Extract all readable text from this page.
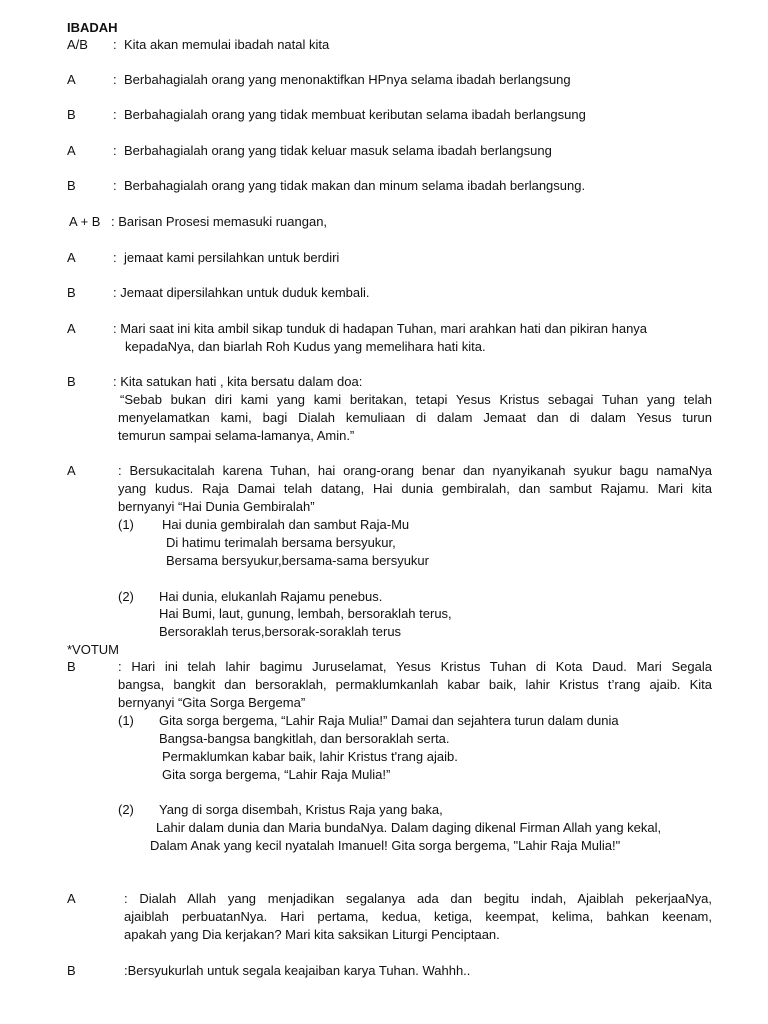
IBADAH
A/B : Kita akan memulai ibadah natal kita
A	: Berbahagialah orang yang menonaktifkan HPnya selama ibadah berlangsung
B	: Berbahagialah orang yang tidak membuat keributan selama ibadah berlangsung
A	: Berbahagialah orang yang tidak keluar masuk selama ibadah berlangsung
B	: Berbahagialah orang yang tidak makan dan minum selama ibadah berlangsung.
A + B : Barisan Prosesi memasuki ruangan,
A	: jemaat kami persilahkan untuk berdiri
B	: Jemaat dipersilahkan untuk duduk kembali.
A	: Mari saat ini kita ambil sikap tunduk di hadapan Tuhan, mari arahkan hati dan pikiran hanya
kepadaNya, dan biarlah Roh Kudus yang memelihara hati kita.
B	: Kita satukan hati , kita bersatu dalam doa:
“Sebab bukan diri kami yang kami beritakan, tetapi Yesus Kristus sebagai Tuhan yang telah
menyelamatkan kami, bagi Dialah kemuliaan di dalam Jemaat dan di dalam Yesus turun
temurun sampai selama-lamanya, Amin.”
A	: Bersukacitalah karena Tuhan, hai orang-orang benar dan nyanyikanah syukur bagu namaNya
yang kudus. Raja Damai telah datang, Hai dunia gembiralah, dan sambut Rajamu. Mari kita
bernyanyi “Hai Dunia Gembiralah”
(1) Hai dunia gembiralah dan sambut Raja-Mu
Di hatimu terimalah bersama bersyukur,
Bersama bersyukur,bersama-sama bersyukur
(2) Hai dunia, elukanlah Rajamu penebus.
Hai Bumi, laut, gunung, lembah, bersoraklah terus,
Bersoraklah terus,bersorak-soraklah terus
*VOTUM
B	: Hari ini telah lahir bagimu Juruselamat, Yesus Kristus Tuhan di Kota Daud. Mari Segala
bangsa, bangkit dan bersoraklah, permaklumkanlah kabar baik, lahir Kristus t’rang ajaib. Kita
bernyanyi “Gita Sorga Bergema”
(1) Gita sorga bergema, “Lahir Raja Mulia!” Damai dan sejahtera turun dalam dunia
Bangsa-bangsa bangkitlah, dan bersoraklah serta.
Permaklumkan kabar baik, lahir Kristus t'rang ajaib.
Gita sorga bergema, “Lahir Raja Mulia!”
(2) Yang di sorga disembah, Kristus Raja yang baka,
Lahir dalam dunia dan Maria bundaNya. Dalam daging dikenal Firman Allah yang kekal,
Dalam Anak yang kecil nyatalah Imanuel! Gita sorga bergema, "Lahir Raja Mulia!"
A	: Dialah Allah yang menjadikan segalanya ada dan begitu indah, Ajaiblah pekerjaaNya,
ajaiblah perbuatanNya. Hari pertama, kedua, ketiga, keempat, kelima, bahkan keenam,
apakah yang Dia kerjakan? Mari kita saksikan Liturgi Penciptaan.
B	:Bersyukurlah untuk segala keajaiban karya Tuhan. Wahhh..
